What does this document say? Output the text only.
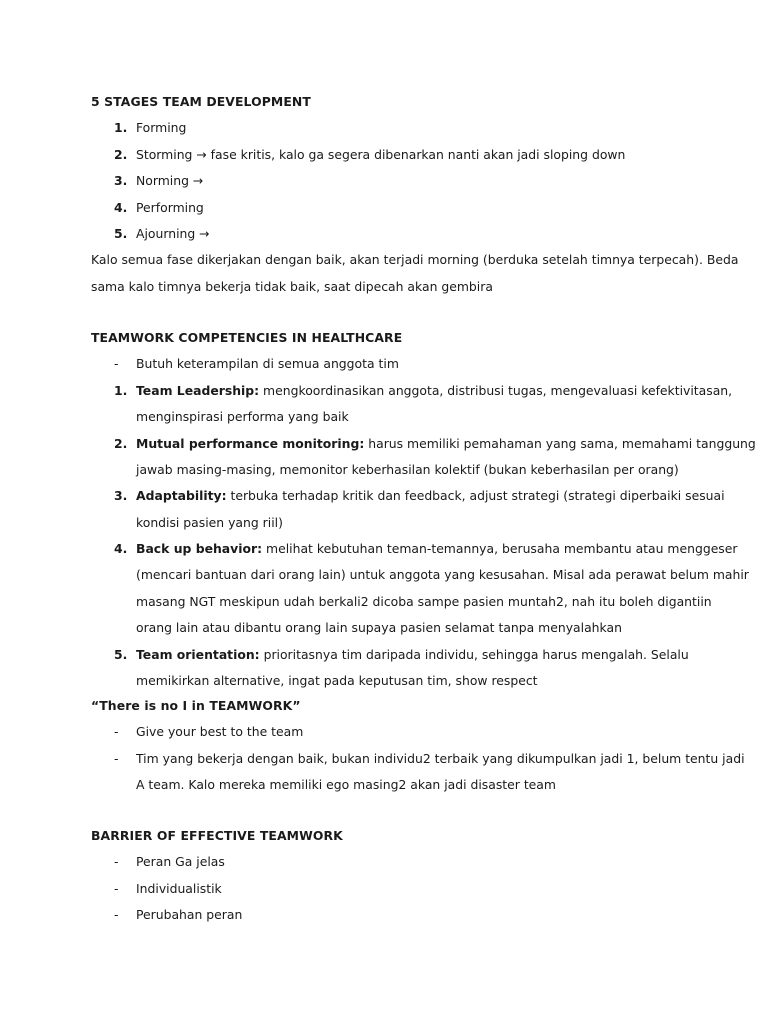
5 STAGES TEAM DEVELOPMENT
1. Forming
2. Storming → fase kritis, kalo ga segera dibenarkan nanti akan jadi sloping down
3. Norming →
4. Performing
5. Ajourning →
Kalo semua fase dikerjakan dengan baik, akan terjadi morning (berduka setelah timnya terpecah). Beda
sama kalo timnya bekerja tidak baik, saat dipecah akan gembira
TEAMWORK COMPETENCIES IN HEALTHCARE
-	Butuh keterampilan di semua anggota tim
1. Team Leadership: mengkoordinasikan anggota, distribusi tugas, mengevaluasi kefektivitasan,
menginspirasi performa yang baik
2. Mutual performance monitoring: harus memiliki pemahaman yang sama, memahami tanggung
jawab masing-masing, memonitor keberhasilan kolektif (bukan keberhasilan per orang)
3. Adaptability: terbuka terhadap kritik dan feedback, adjust strategi (strategi diperbaiki sesuai
kondisi pasien yang riil)
4. Back up behavior: melihat kebutuhan teman-temannya, berusaha membantu atau menggeser
(mencari bantuan dari orang lain) untuk anggota yang kesusahan. Misal ada perawat belum mahir
masang NGT meskipun udah berkali2 dicoba sampe pasien muntah2, nah itu boleh digantiin
orang lain atau dibantu orang lain supaya pasien selamat tanpa menyalahkan
5. Team orientation: prioritasnya tim daripada individu, sehingga harus mengalah. Selalu
memikirkan alternative, ingat pada keputusan tim, show respect
“There is no I in TEAMWORK”
-	Give your best to the team
-	Tim yang bekerja dengan baik, bukan individu2 terbaik yang dikumpulkan jadi 1, belum tentu jadi
A team. Kalo mereka memiliki ego masing2 akan jadi disaster team
BARRIER OF EFFECTIVE TEAMWORK
-	Peran Ga jelas
-	Individualistik
-	Perubahan peran
